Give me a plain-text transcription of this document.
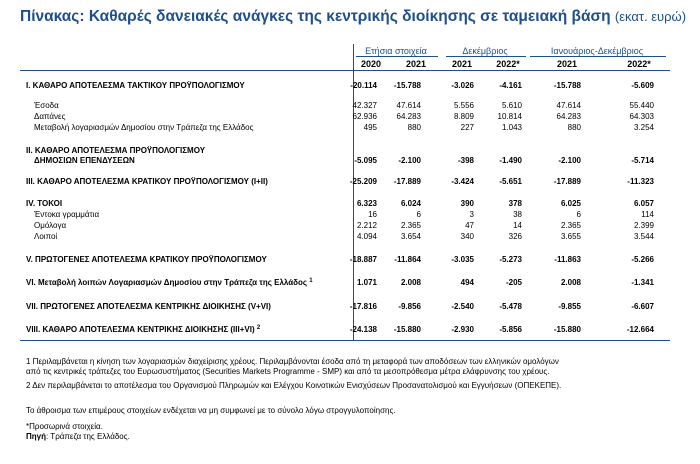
Πίνακας: Καθαρές δανειακές ανάγκες της κεντρικής διοίκησης σε ταμειακή βάση (εκατ. ευρώ)
Ετήσια στοιχεία	Δεκέμβριος	Ιανουάριος-Δεκέμβριος
2020	2021	2021	2022*	2021	2022*
Ι. ΚΑΘΑΡΟ ΑΠΟΤΕΛΕΣΜΑ ΤΑΚΤΙΚΟΥ ΠΡΟΫΠΟΛΟΓΙΣΜΟΥ	-20.114	-15.788	-3.026	-4.161	-15.788	-5.609
Έσοδα	42.327	47.614	5.556	5.610	47.614	55.440
Δαπάνες	62.936	64.283	8.809	10.814	64.283	64.303
Μεταβολή λογαριασμών Δημοσίου στην Τράπεζα της Ελλάδος	495	880	227	1.043	880	3.254
ΙΙ. ΚΑΘΑΡΟ ΑΠΟΤΕΛΕΣΜΑ ΠΡΟΫΠΟΛΟΓΙΣΜΟΥ
ΔΗΜΟΣΙΩΝ ΕΠΕΝΔΥΣΕΩΝ	-5.095	-2.100	-398	-1.490	-2.100	-5.714
ΙΙΙ. ΚΑΘΑΡΟ ΑΠΟΤΕΛΕΣΜΑ ΚΡΑΤΙΚΟΥ ΠΡΟΫΠΟΛΟΓΙΣΜΟΥ (Ι+ΙΙ)	-25.209	-17.889	-3.424	-5.651	-17.889	-11.323
ΙV. ΤΟΚΟΙ	6.323	6.024	390	378	6.025	6.057
Έντοκα γραμμάτια	16	6	3	38	6	114
Ομόλογα	2.212	2.365	47	14	2.365	2.399
Λοιποί	4.094	3.654	340	326	3.655	3.544
V. ΠΡΩΤΟΓΕΝΕΣ ΑΠΟΤΕΛΕΣΜΑ ΚΡΑΤΙΚΟΥ ΠΡΟΫΠΟΛΟΓΙΣΜΟΥ	-18.887	-11.864	-3.035	-5.273	-11.863	-5.266
VΙ. Μεταβολή λοιπών Λογαριασμών Δημοσίου στην Τράπεζα της Ελλάδος $^1$	1.071	2.008	494	-205	2.008	-1.341
VΙΙ. ΠΡΩΤΟΓΕΝΕΣ ΑΠΟΤΕΛΕΣΜΑ ΚΕΝΤΡΙΚΗΣ ΔΙΟΙΚΗΣΗΣ (V+VI)	-17.816	-9.856	-2.540	-5.478	-9.855	-6.607
VΙΙΙ. ΚΑΘΑΡΟ ΑΠΟΤΕΛΕΣΜΑ ΚΕΝΤΡΙΚΗΣ ΔΙΟΙΚΗΣΗΣ (ΙΙΙ+VI) $^2$	-24.138	-15.880	-2.930	-5.856	-15.880	-12.664
1 Περιλαμβάνεται η κίνηση των λογαριασμών διαχείρισης χρέους. Περιλαμβάνονται έσοδα από τη μεταφορά των αποδόσεων των ελληνικών ομολόγων
από τις κεντρικές τράπεζες του Ευρωσυστήματος (Securities Markets Programme - SMP) και από τα μεσοπρόθεσμα μέτρα ελάφρυνσης του χρέους.
2 Δεν περιλαμβάνεται το αποτέλεσμα του Οργανισμού Πληρωμών και Ελέγχου Κοινοτικών Ενισχύσεων Προσανατολισμού και Εγγυήσεων (ΟΠΕΚΕΠΕ).
Το άθροισμα των επιμέρους στοιχείων ενδέχεται να μη συμφωνεί με το σύνολο λόγω στρογγυλοποίησης.
*Προσωρινά στοιχεία.
Πηγή: Τράπεζα της Ελλάδος.
